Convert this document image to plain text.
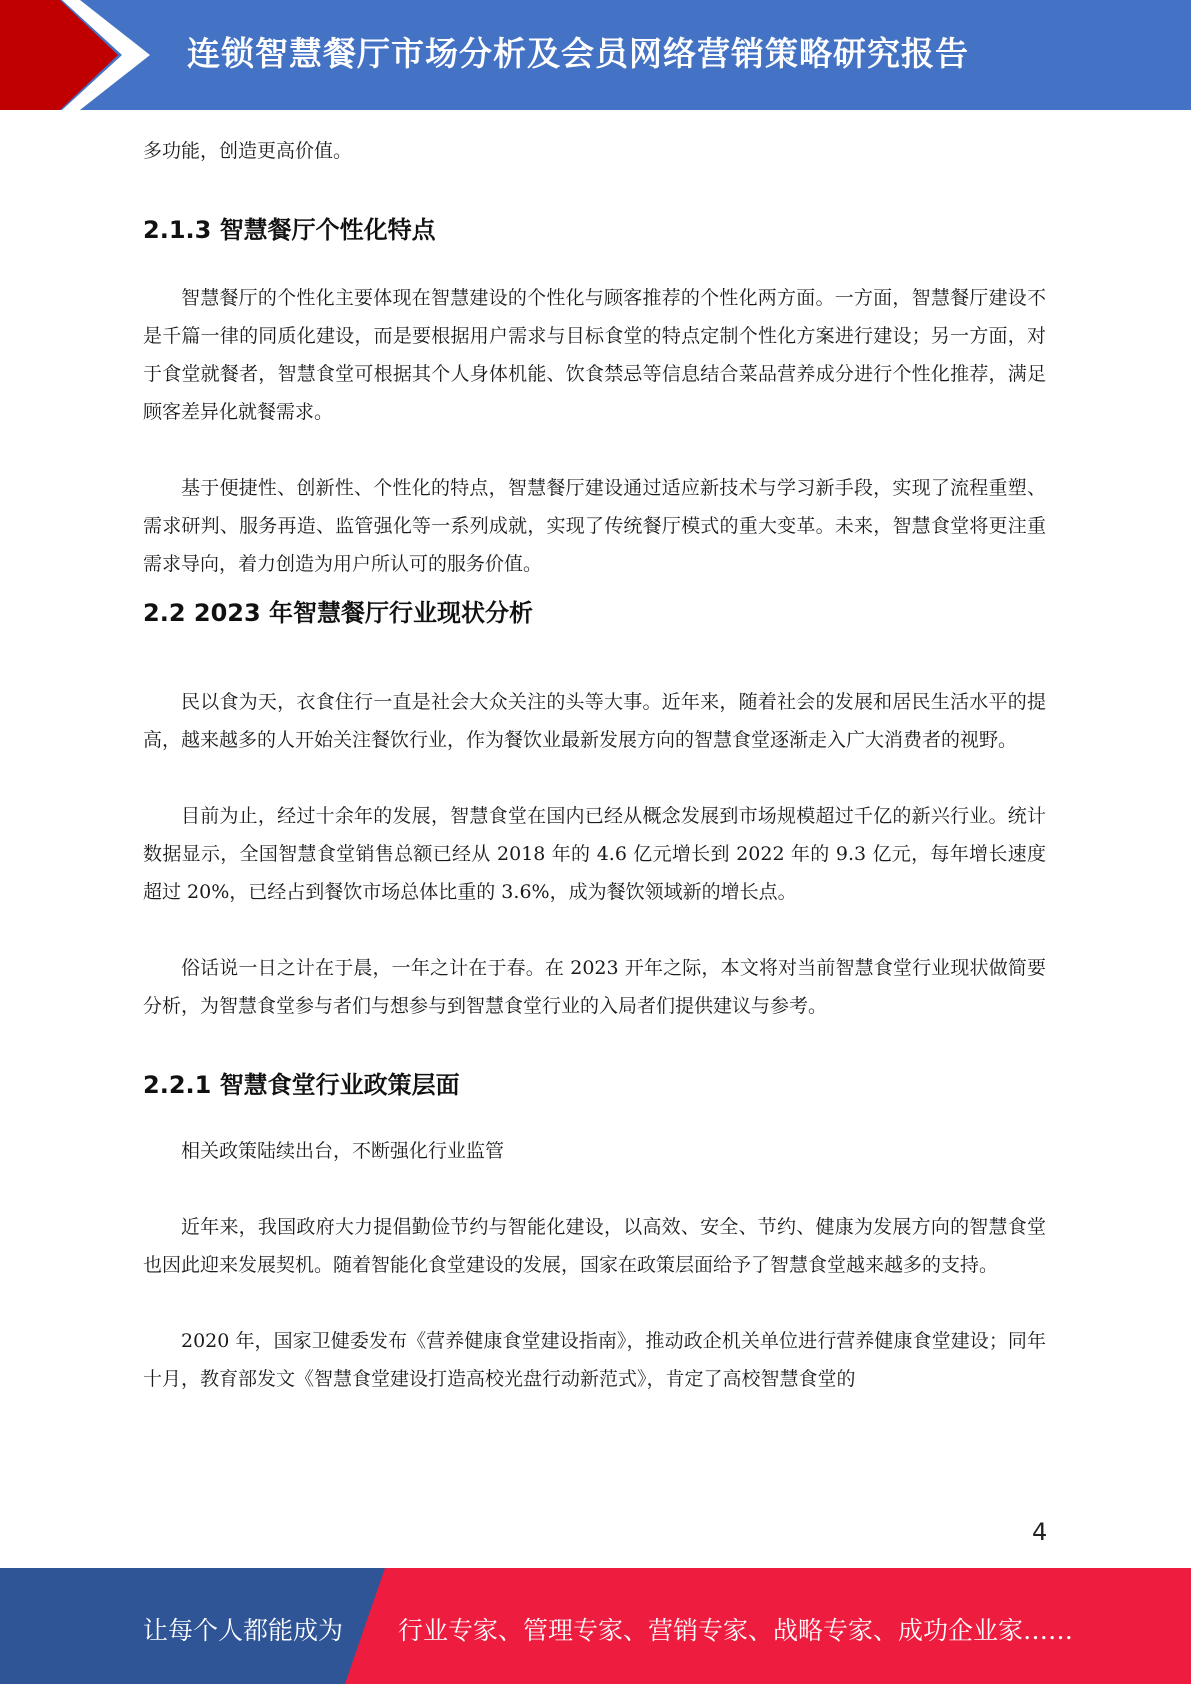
连锁智慧餐厅市场分析及会员网络营销策略研究报告

多功能，创造更高价值。

2.1.3 智慧餐厅个性化特点

智慧餐厅的个性化主要体现在智慧建设的个性化与顾客推荐的个性化两方面。一方面，智慧餐厅建设不是千篇一律的同质化建设，而是要根据用户需求与目标食堂的特点定制个性化方案进行建设；另一方面，对于食堂就餐者，智慧食堂可根据其个人身体机能、饮食禁忌等信息结合菜品营养成分进行个性化推荐，满足顾客差异化就餐需求。

基于便捷性、创新性、个性化的特点，智慧餐厅建设通过适应新技术与学习新手段，实现了流程重塑、需求研判、服务再造、监管强化等一系列成就，实现了传统餐厅模式的重大变革。未来，智慧食堂将更注重需求导向，着力创造为用户所认可的服务价值。

2.2 2023 年智慧餐厅行业现状分析

民以食为天，衣食住行一直是社会大众关注的头等大事。近年来，随着社会的发展和居民生活水平的提高，越来越多的人开始关注餐饮行业，作为餐饮业最新发展方向的智慧食堂逐渐走入广大消费者的视野。

目前为止，经过十余年的发展，智慧食堂在国内已经从概念发展到市场规模超过千亿的新兴行业。统计数据显示，全国智慧食堂销售总额已经从 2018 年的 4.6 亿元增长到 2022 年的 9.3 亿元，每年增长速度超过 20%，已经占到餐饮市场总体比重的 3.6%，成为餐饮领域新的增长点。

俗话说一日之计在于晨，一年之计在于春。在 2023 开年之际，本文将对当前智慧食堂行业现状做简要分析，为智慧食堂参与者们与想参与到智慧食堂行业的入局者们提供建议与参考。

2.2.1 智慧食堂行业政策层面

相关政策陆续出台，不断强化行业监管

近年来，我国政府大力提倡勤俭节约与智能化建设，以高效、安全、节约、健康为发展方向的智慧食堂也因此迎来发展契机。随着智能化食堂建设的发展，国家在政策层面给予了智慧食堂越来越多的支持。

2020 年，国家卫健委发布《营养健康食堂建设指南》，推动政企机关单位进行营养健康食堂建设；同年十月，教育部发文《智慧食堂建设打造高校光盘行动新范式》，肯定了高校智慧食堂的

4
让每个人都能成为 行业专家、管理专家、营销专家、战略专家、成功企业家……
